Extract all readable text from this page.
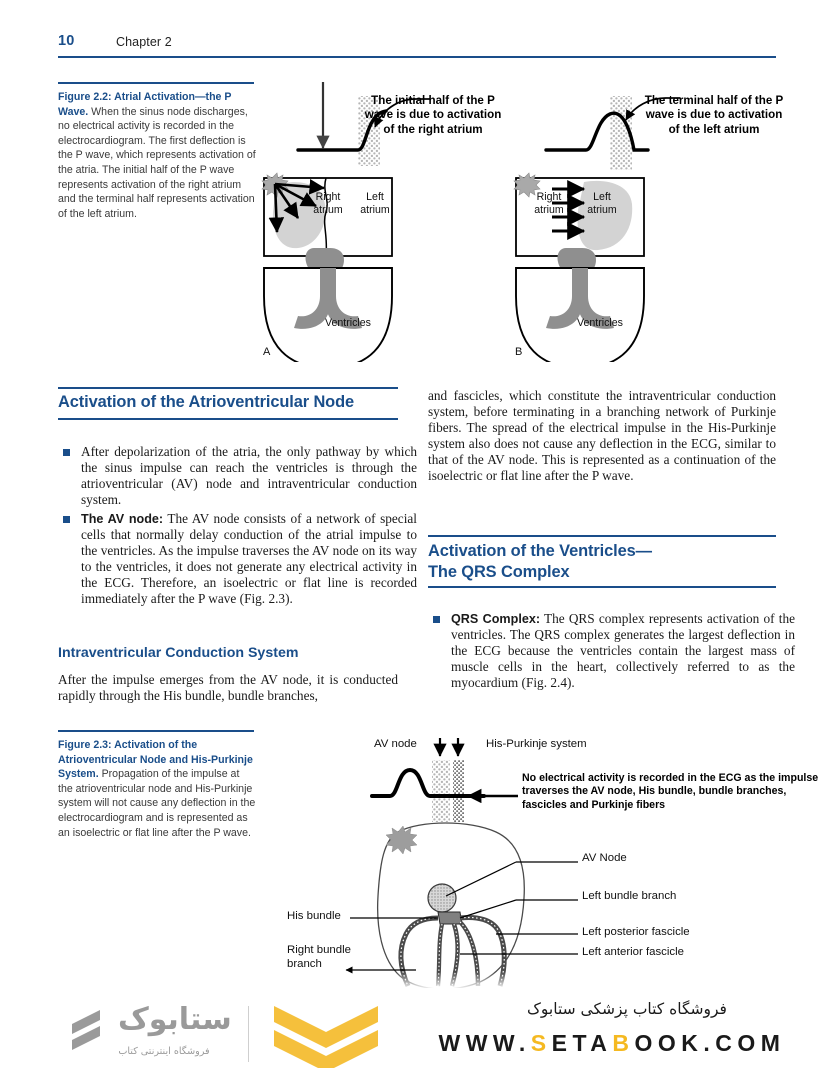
10	Chapter 2
Figure 2.2: Atrial Activation—the P Wave. When the sinus node discharges, no electrical activity is recorded in the electrocardiogram. The first deflection is the P wave, which represents activation of the atria. The initial half of the P wave represents activation of the right atrium and the terminal half represents activation of the left atrium.
The initial half of the P wave is due to activation of the right atrium
Right atrium
Left atrium
Ventricles
A
The terminal half of the P wave is due to activation of the left atrium
Right atrium
Left atrium
Ventricles
B
Activation of the Atrioventricular Node
After depolarization of the atria, the only pathway by which the sinus impulse can reach the ventricles is through the atrioventricular (AV) node and intraventricular conduction system.
The AV node: The AV node consists of a network of special cells that normally delay conduction of the atrial impulse to the ventricles. As the impulse traverses the AV node on its way to the ventricles, it does not generate any electrical activity in the ECG. Therefore, an isoelectric or flat line is recorded immediately after the P wave (Fig. 2.3).
Intraventricular Conduction System
After the impulse emerges from the AV node, it is conducted rapidly through the His bundle, bundle branches,
and fascicles, which constitute the intraventricular conduction system, before terminating in a branching network of Purkinje fibers. The spread of the electrical impulse in the His-Purkinje system also does not cause any deflection in the ECG, similar to that of the AV node. This is represented as a continuation of the isoelectric or flat line after the P wave.
Activation of the Ventricles—
The QRS Complex
QRS Complex: The QRS complex represents activation of the ventricles. The QRS complex generates the largest deflection in the ECG because the ventricles contain the largest mass of muscle cells in the heart, collectively referred to as the myocardium (Fig. 2.4).
Figure 2.3: Activation of the Atrioventricular Node and His-Purkinje System. Propagation of the impulse at the atrioventricular node and His-Purkinje system will not cause any deflection in the electrocardiogram and is represented as an isoelectric or flat line after the P wave.
AV node	His-Purkinje system
No electrical activity is recorded in the ECG as the impulse traverses the AV node, His bundle, bundle branches, fascicles and Purkinje fibers
AV Node
Left bundle branch
Left posterior fascicle
Left anterior fascicle
His bundle
Right bundle branch
ستابوک
فروشگاه اینترنتی کتاب
فروشگاه کتاب پزشکی ستابوک
WWW.SETABOOK.COM
